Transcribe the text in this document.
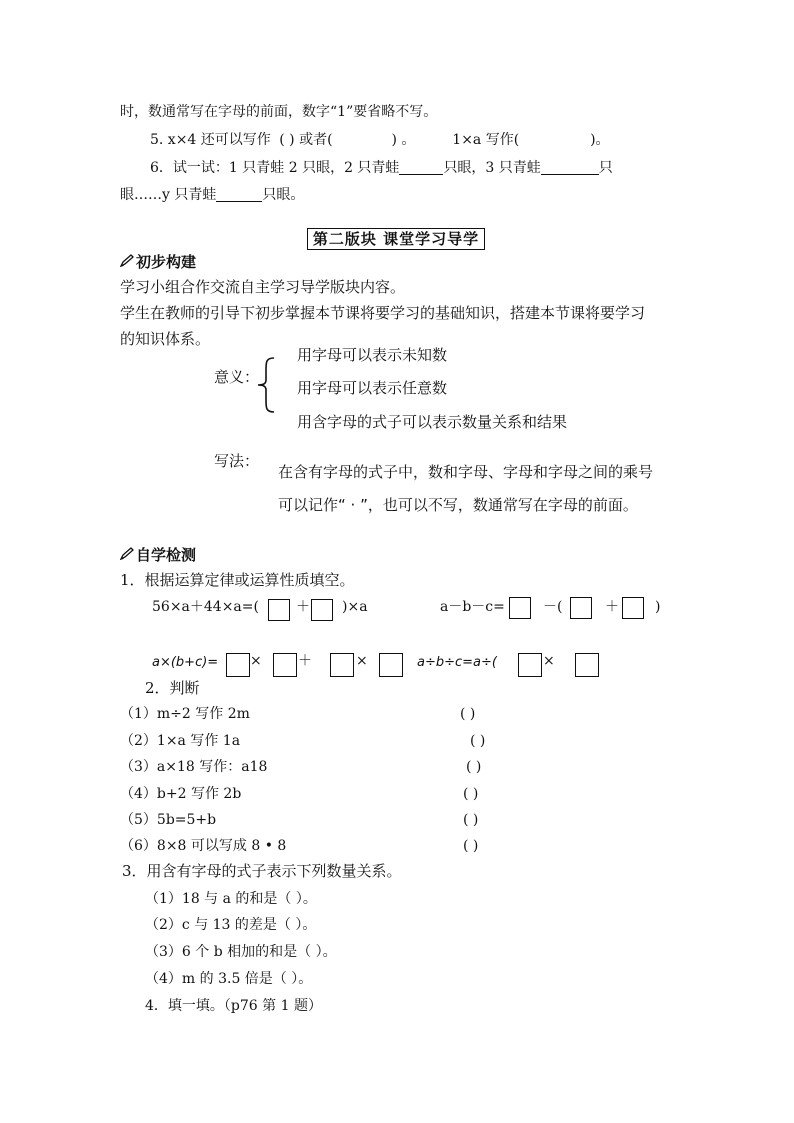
时，数通常写在字母的前面，数字“1”要省略不写。
5. x×4 还可以写作 ( ) 或者(	) 。	1×a 写作(	)。
6．试一试：1 只青蛙 2 只眼，2 只青蛙	只眼，3 只青蛙	只
眼……y 只青蛙	只眼。
第二版块 课堂学习导学
初步构建
学习小组合作交流自主学习导学版块内容。
学生在教师的引导下初步掌握本节课将要学习的基础知识，搭建本节课将要学习
的知识体系。
意义：
用字母可以表示未知数
用字母可以表示任意数
用含字母的式子可以表示数量关系和结果
写法：
在含有字母的式子中，数和字母、字母和字母之间的乘号
可以记作“ · ”，也可以不写，数通常写在字母的前面。
自学检测
1．根据运算定律或运算性质填空。
56×a＋44×a=(	＋ )×a	a－b－c=	－(	＋	)
a×(b+c)= ×	＋	×	a÷b÷c=a÷(	×
2．判断
（1）m÷2 写作 2m	( )
（2）1×a 写作 1a	( )
（3）a×18 写作：a18	( )
（4）b+2 写作 2b	( )
（5）5b=5+b	( )
（6）8×8 可以写成 8 • 8	( )
3．用含有字母的式子表示下列数量关系。
（1）18 与 a 的和是（ ）。
（2）c 与 13 的差是（ ）。
（3）6 个 b 相加的和是（ ）。
（4）m 的 3.5 倍是（ ）。
4．填一填。（p76 第 1 题）
